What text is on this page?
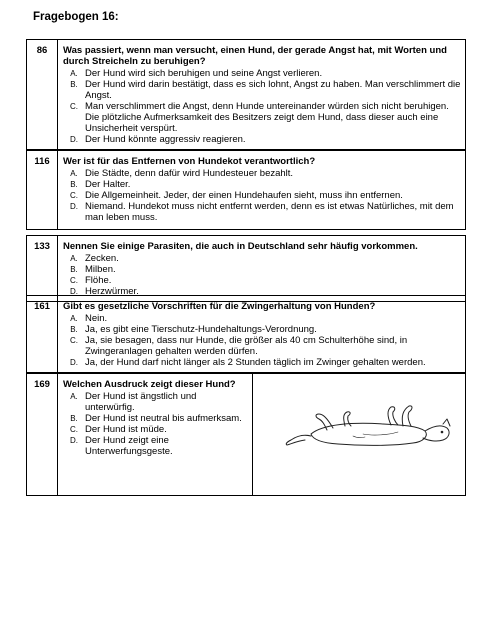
Fragebogen 16:
86	Was passiert, wenn man versucht, einen Hund, der gerade Angst hat, mit Worten und durch Streicheln zu beruhigen?
A. Der Hund wird sich beruhigen und seine Angst verlieren.
B. Der Hund wird darin bestätigt, dass es sich lohnt, Angst zu haben. Man verschlimmert die Angst.
C. Man verschlimmert die Angst, denn Hunde untereinander würden sich nicht beruhigen. Die plötzliche Aufmerksamkeit des Besitzers zeigt dem Hund, dass dieser auch eine Unsicherheit verspürt.
D. Der Hund könnte aggressiv reagieren.
116	Wer ist für das Entfernen von Hundekot verantwortlich?
A. Die Städte, denn dafür wird Hundesteuer bezahlt.
B. Der Halter.
C. Die Allgemeinheit. Jeder, der einen Hundehaufen sieht, muss ihn entfernen.
D. Niemand. Hundekot muss nicht entfernt werden, denn es ist etwas Natürliches, mit dem man leben muss.
133	Nennen Sie einige Parasiten, die auch in Deutschland sehr häufig vorkommen.
A. Zecken.
B. Milben.
C. Flöhe.
D. Herzwürmer.
161	Gibt es gesetzliche Vorschriften für die Zwingerhaltung von Hunden?
A. Nein.
B. Ja, es gibt eine Tierschutz-Hundehaltungs-Verordnung.
C. Ja, sie besagen, dass nur Hunde, die größer als 40 cm Schulterhöhe sind, in Zwingeranlagen gehalten werden dürfen.
D. Ja, der Hund darf nicht länger als 2 Stunden täglich im Zwinger gehalten werden.
169	Welchen Ausdruck zeigt dieser Hund?
A. Der Hund ist ängstlich und unterwürfig.
B. Der Hund ist neutral bis aufmerksam.
C. Der Hund ist müde.
D. Der Hund zeigt eine Unterwerfungsgeste.
